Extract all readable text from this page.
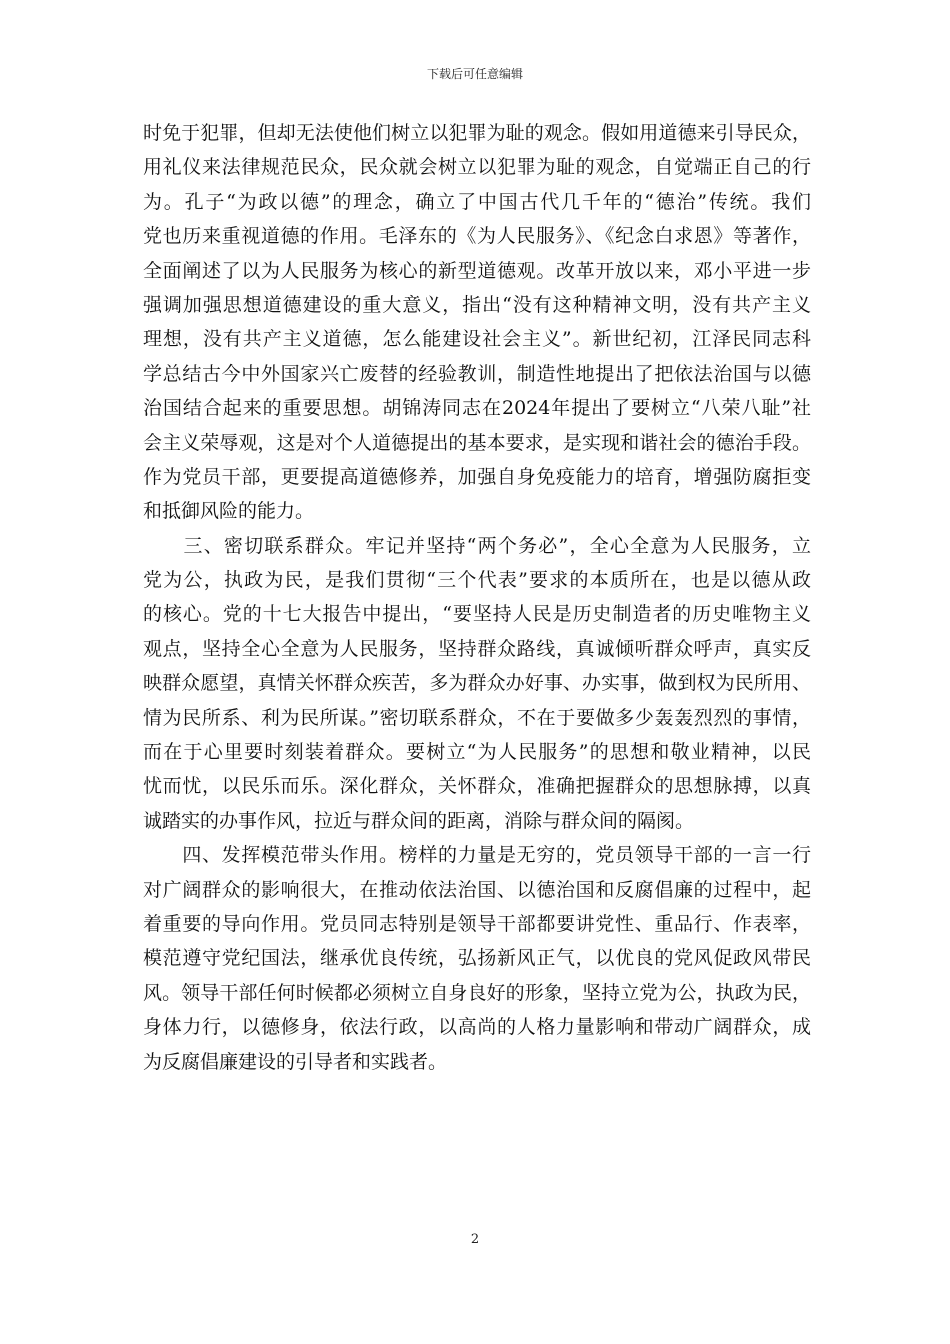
下载后可任意编辑
时免于犯罪，但却无法使他们树立以犯罪为耻的观念。假如用道德来引导民众，
用礼仪来法律规范民众，民众就会树立以犯罪为耻的观念，自觉端正自己的行
为。孔子“为政以德”的理念，确立了中国古代几千年的“德治”传统。我们
党也历来重视道德的作用。毛泽东的《为人民服务》、《纪念白求恩》等著作，
全面阐述了以为人民服务为核心的新型道德观。改革开放以来，邓小平进一步
强调加强思想道德建设的重大意义，指出“没有这种精神文明，没有共产主义
理想，没有共产主义道德，怎么能建设社会主义”。新世纪初，江泽民同志科
学总结古今中外国家兴亡废替的经验教训，制造性地提出了把依法治国与以德
治国结合起来的重要思想。胡锦涛同志在2024年提出了要树立“八荣八耻”社
会主义荣辱观，这是对个人道德提出的基本要求，是实现和谐社会的德治手段。
作为党员干部，更要提高道德修养，加强自身免疫能力的培育，增强防腐拒变
和抵御风险的能力。
　　三、密切联系群众。牢记并坚持“两个务必”，全心全意为人民服务，立
党为公，执政为民，是我们贯彻“三个代表”要求的本质所在，也是以德从政
的核心。党的十七大报告中提出，“要坚持人民是历史制造者的历史唯物主义
观点，坚持全心全意为人民服务，坚持群众路线，真诚倾听群众呼声，真实反
映群众愿望，真情关怀群众疾苦，多为群众办好事、办实事，做到权为民所用、
情为民所系、利为民所谋。”密切联系群众，不在于要做多少轰轰烈烈的事情，
而在于心里要时刻装着群众。要树立“为人民服务”的思想和敬业精神，以民
忧而忧，以民乐而乐。深化群众，关怀群众，准确把握群众的思想脉搏，以真
诚踏实的办事作风，拉近与群众间的距离，消除与群众间的隔阂。
　　四、发挥模范带头作用。榜样的力量是无穷的，党员领导干部的一言一行
对广阔群众的影响很大，在推动依法治国、以德治国和反腐倡廉的过程中，起
着重要的导向作用。党员同志特别是领导干部都要讲党性、重品行、作表率，
模范遵守党纪国法，继承优良传统，弘扬新风正气，以优良的党风促政风带民
风。领导干部任何时候都必须树立自身良好的形象，坚持立党为公，执政为民，
身体力行，以德修身，依法行政，以高尚的人格力量影响和带动广阔群众，成
为反腐倡廉建设的引导者和实践者。
2
